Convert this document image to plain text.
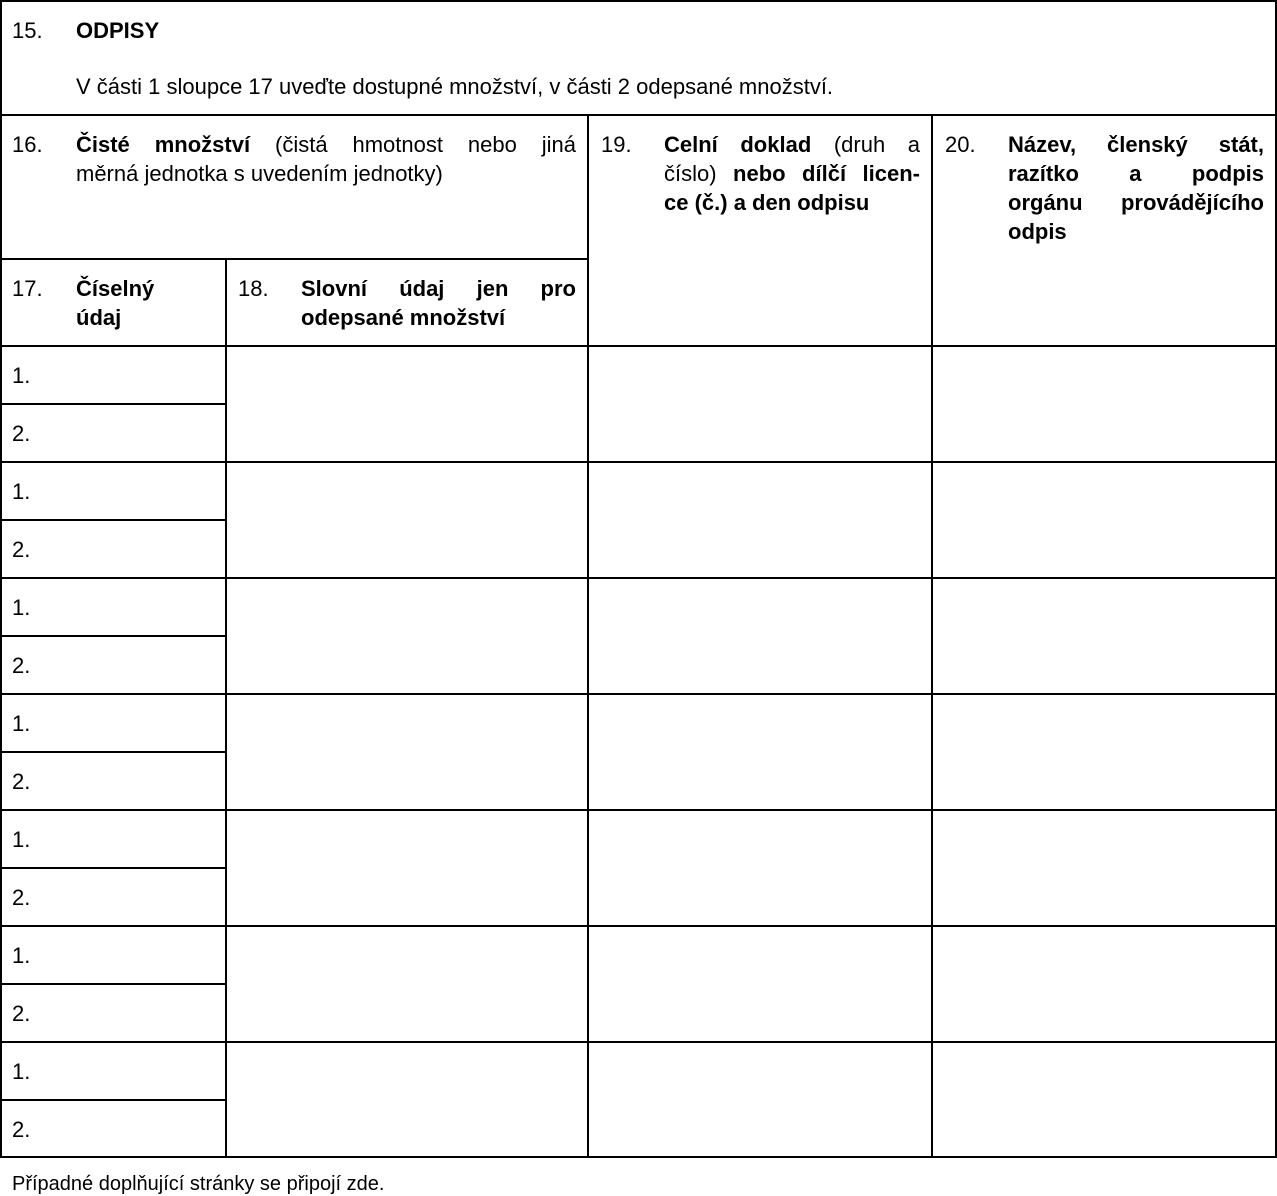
15. ODPISY
V části 1 sloupce 17 uveďte dostupné množství, v části 2 odepsané množství.
16. Čisté množství (čistá hmotnost nebo jiná
měrná jednotka s uvedením jednotky)
17. Číselný
údaj
18. Slovní údaj jen pro
odepsané množství
19. Celní doklad (druh a
číslo) nebo dílčí licen-
ce (č.) a den odpisu
20. Název, členský stát,
razítko a podpis
orgánu provádějícího
odpis
1.
2.
1.
2.
1.
2.
1.
2.
1.
2.
1.
2.
1.
2.
Případné doplňující stránky se připojí zde.
